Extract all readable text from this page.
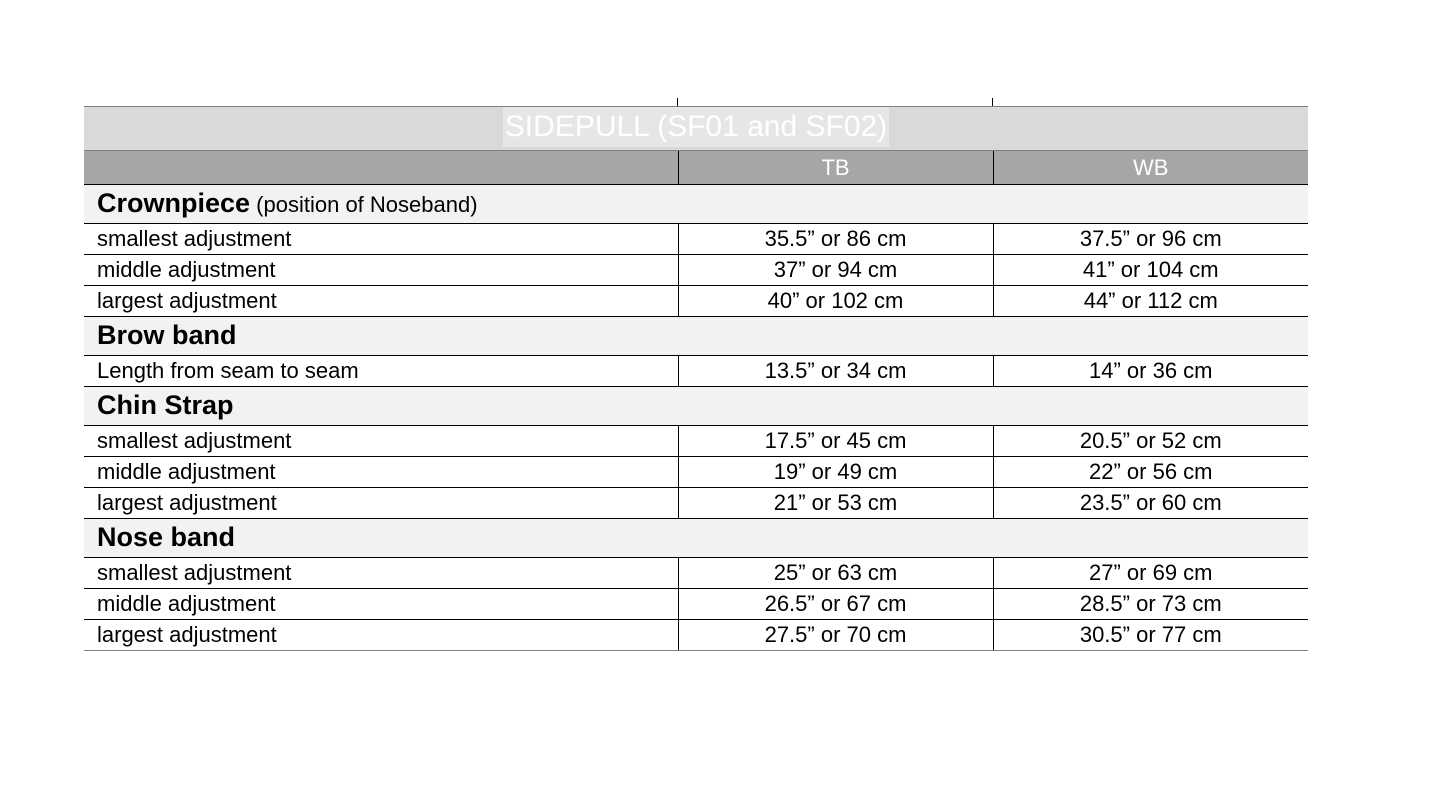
SIDEPULL (SF01 and SF02)		
	TB	WB
Crownpiece (position of Noseband)		
smallest adjustment	35.5” or 86 cm	37.5” or 96 cm
middle adjustment	37” or 94 cm	41” or 104 cm
largest adjustment	40” or 102 cm	44” or 112 cm
Brow band		
Length from seam to seam	13.5” or 34 cm	14” or 36 cm
Chin Strap		
smallest adjustment	17.5” or 45 cm	20.5” or 52 cm
middle adjustment	19” or 49 cm	22” or 56 cm
largest adjustment	21” or 53 cm	23.5” or 60 cm
Nose band		
smallest adjustment	25” or 63 cm	27” or 69 cm
middle adjustment	26.5” or 67 cm	28.5” or 73 cm
largest adjustment	27.5” or 70 cm	30.5” or 77 cm
